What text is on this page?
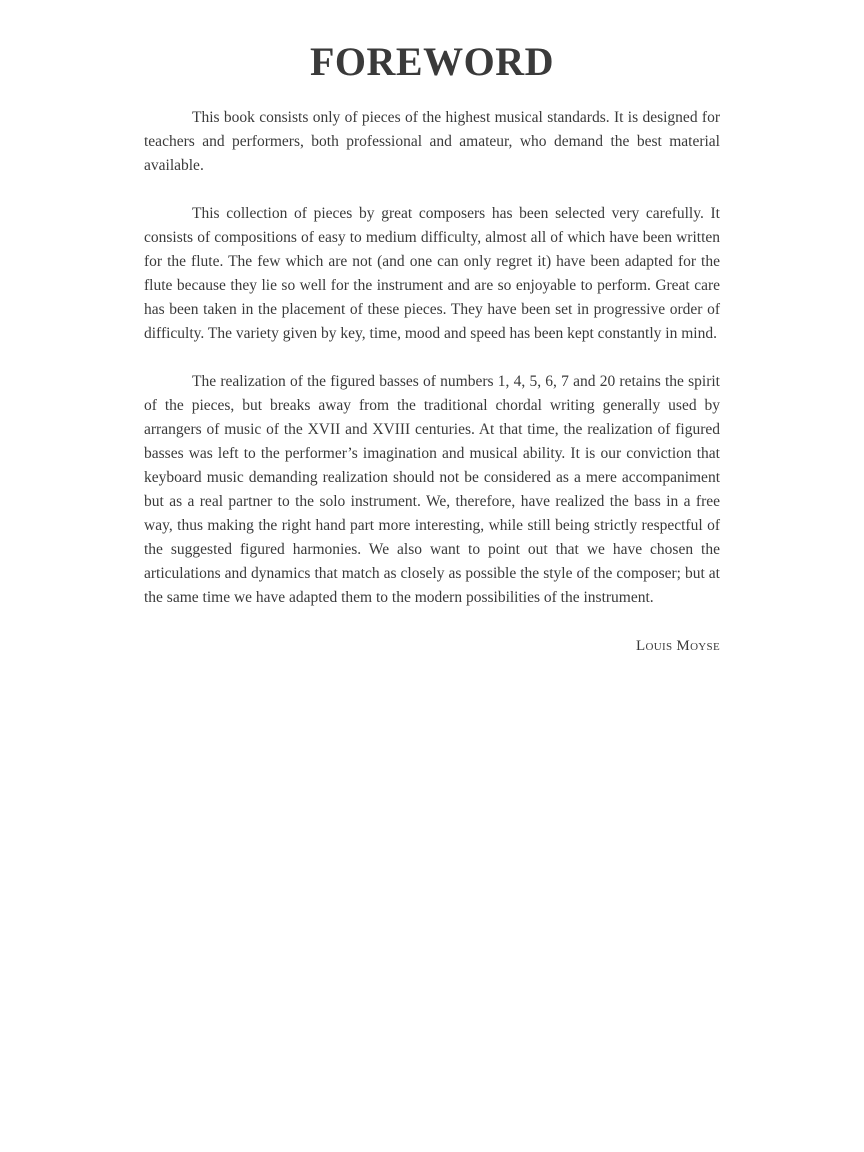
FOREWORD

This book consists only of pieces of the highest musical standards. It is designed for teachers and performers, both professional and amateur, who demand the best material available.

This collection of pieces by great composers has been selected very carefully. It consists of compositions of easy to medium difficulty, almost all of which have been written for the flute. The few which are not (and one can only regret it) have been adapted for the flute because they lie so well for the instrument and are so enjoyable to perform. Great care has been taken in the placement of these pieces. They have been set in progressive order of difficulty. The variety given by key, time, mood and speed has been kept constantly in mind.

The realization of the figured basses of numbers 1, 4, 5, 6, 7 and 20 retains the spirit of the pieces, but breaks away from the traditional chordal writing generally used by arrangers of music of the XVII and XVIII centuries. At that time, the realization of figured basses was left to the performer’s imagination and musical ability. It is our conviction that keyboard music demanding realization should not be considered as a mere accompaniment but as a real partner to the solo instrument. We, therefore, have realized the bass in a free way, thus making the right hand part more interesting, while still being strictly respectful of the suggested figured harmonies. We also want to point out that we have chosen the articulations and dynamics that match as closely as possible the style of the composer; but at the same time we have adapted them to the modern possibilities of the instrument.

Louis Moyse
